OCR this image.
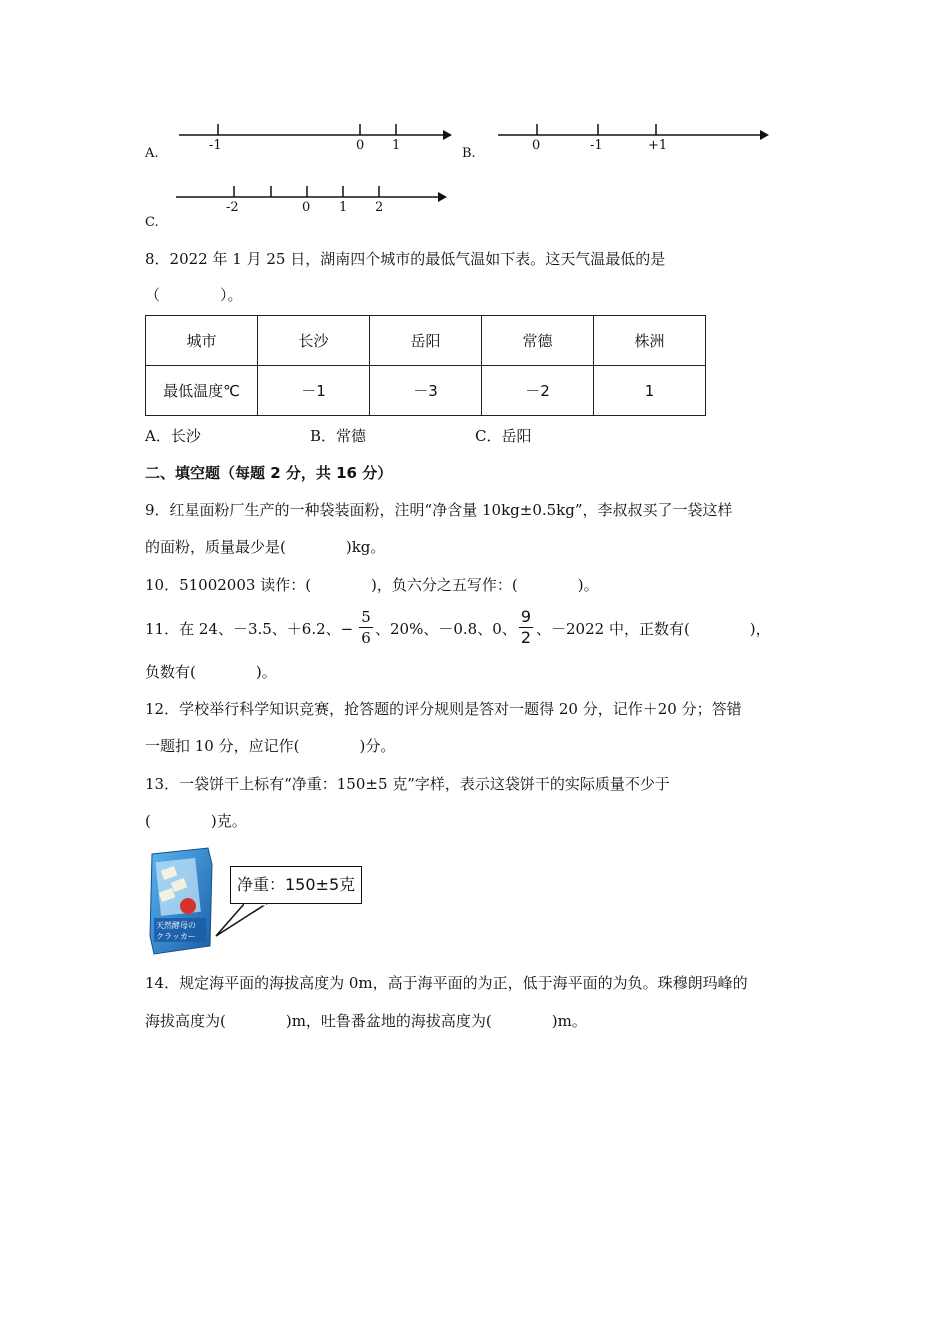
A.
-1	0 1
B.
0	-1	+1
C.
-2	0 1 2
8．2022 年 1 月 25 日，湖南四个城市的最低气温如下表。这天气温最低的是
（　　　　）。
城市	长沙	岳阳	常德	株洲
最低温度℃	－1	－3	－2	1
A．长沙	B．常德	C．岳阳
二、填空题（每题 2 分，共 16 分）
9．红星面粉厂生产的一种袋装面粉，注明“净含量 10kg±0.5kg”，李叔叔买了一袋这样
的面粉，质量最少是(　　　　)kg。
10．51002003 读作：(　　　　)，负六分之五写作：(　　　　)。
11．在 24、－3.5、＋6.2、−
5
6 、20%、－0.8、0、
9
2 、－2022 中，正数有(　　　　)，
负数有(　　　　)。
12．学校举行科学知识竞赛，抢答题的评分规则是答对一题得 20 分，记作＋20 分；答错
一题扣 10 分，应记作(　　　　)分。
13．一袋饼干上标有“净重：150±5 克”字样，表示这袋饼干的实际质量不少于
(　　　　)克。
天然酵母の
クラッカー
净重：150±5克
14．规定海平面的海拔高度为 0m，高于海平面的为正，低于海平面的为负。珠穆朗玛峰的
海拔高度为(　　　　)m，吐鲁番盆地的海拔高度为(　　　　)m。
